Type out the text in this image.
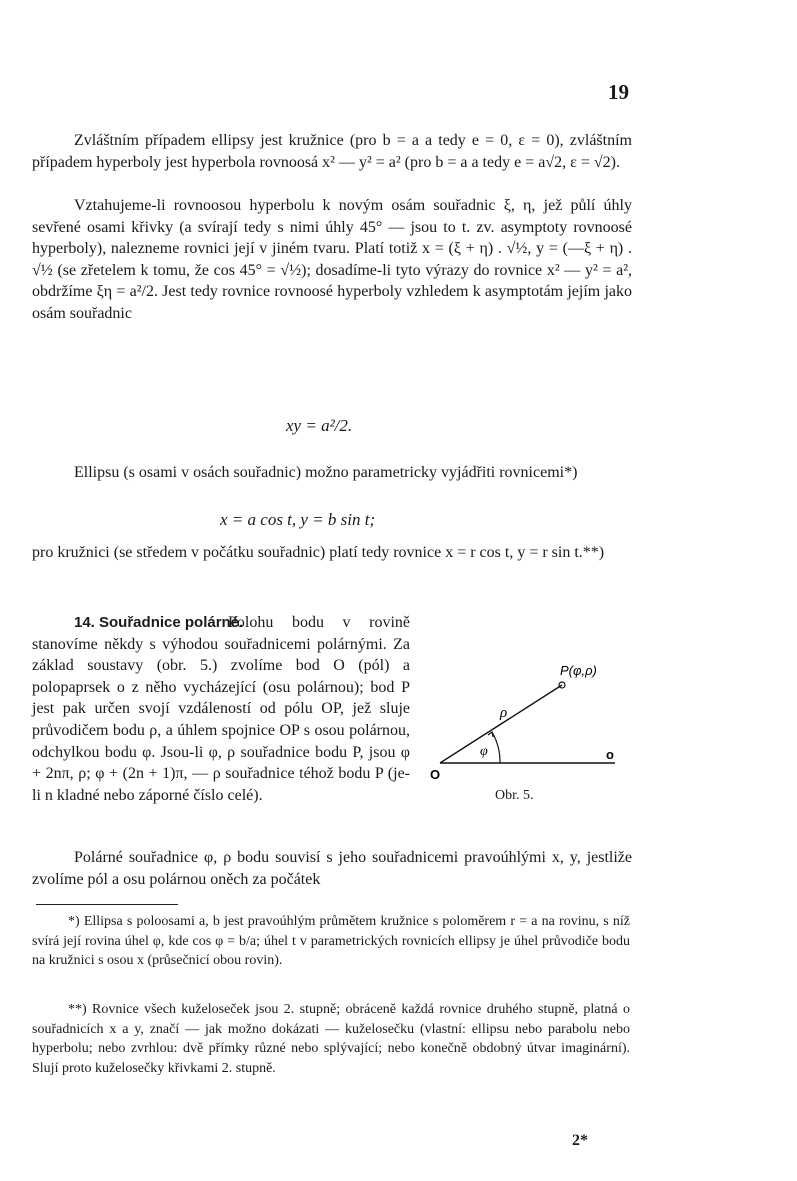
19
Zvláštním případem ellipsy jest kružnice (pro b = a a tedy e = 0, ε = 0), zvláštním případem hyperboly jest hyperbola rovnoosá x² — y² = a² (pro b = a a tedy e = a√2, ε = √2).
Vztahujeme-li rovnoosou hyperbolu k novým osám souřadnic ξ, η, jež půlí úhly sevřené osami křivky (a svírají tedy s nimi úhly 45° — jsou to t. zv. asymptoty rovnoosé hyperboly), nalezneme rovnici její v jiném tvaru. Platí totiž x = (ξ + η) . √½, y = (—ξ + η) . √½ (se zřetelem k tomu, že cos 45° = √½); dosadíme-li tyto výrazy do rovnice x² — y² = a², obdržíme ξη = a²/2. Jest tedy rovnice rovnoosé hyperboly vzhledem k asymptotám jejím jako osám souřadnic
xy = a²/2.
Ellipsu (s osami v osách souřadnic) možno parametricky vyjádřiti rovnicemi*)
x = a cos t, y = b sin t;
pro kružnici (se středem v počátku souřadnic) platí tedy rovnice x = r cos t, y = r sin t.**)
14. Souřadnice polárné.
Polohu bodu v rovině stanovíme někdy s výhodou souřadnicemi polárnými. Za základ soustavy (obr. 5.) zvolíme bod O (pól) a polopaprsek o z něho vycházející (osu polárnou); bod P jest pak určen svojí vzdáleností od pólu OP, jež sluje průvodičem bodu ρ, a úhlem spojnice OP s osou polárnou, odchylkou bodu φ. Jsou-li φ, ρ souřadnice bodu P, jsou φ + 2nπ, ρ; φ + (2n + 1)π, — ρ souřadnice téhož bodu P (je-li n kladné nebo záporné číslo celé).
P(φ,ρ)
ρ
φ
O
o
Obr. 5.
Polárné souřadnice φ, ρ bodu souvisí s jeho souřadnicemi pravoúhlými x, y, jestliže zvolíme pól a osu polárnou oněch za počátek
*) Ellipsa s poloosami a, b jest pravoúhlým průmětem kružnice s poloměrem r = a na rovinu, s níž svírá její rovina úhel φ, kde cos φ = b/a; úhel t v parametrických rovnicích ellipsy je úhel průvodiče bodu na kružnici s osou x (průsečnicí obou rovin).
**) Rovnice všech kuželoseček jsou 2. stupně; obráceně každá rovnice druhého stupně, platná o souřadnicích x a y, značí — jak možno dokázati — kuželosečku (vlastní: ellipsu nebo parabolu nebo hyperbolu; nebo zvrhlou: dvě přímky různé nebo splývající; nebo konečně obdobný útvar imaginární). Slují proto kuželosečky křivkami 2. stupně.
2*
